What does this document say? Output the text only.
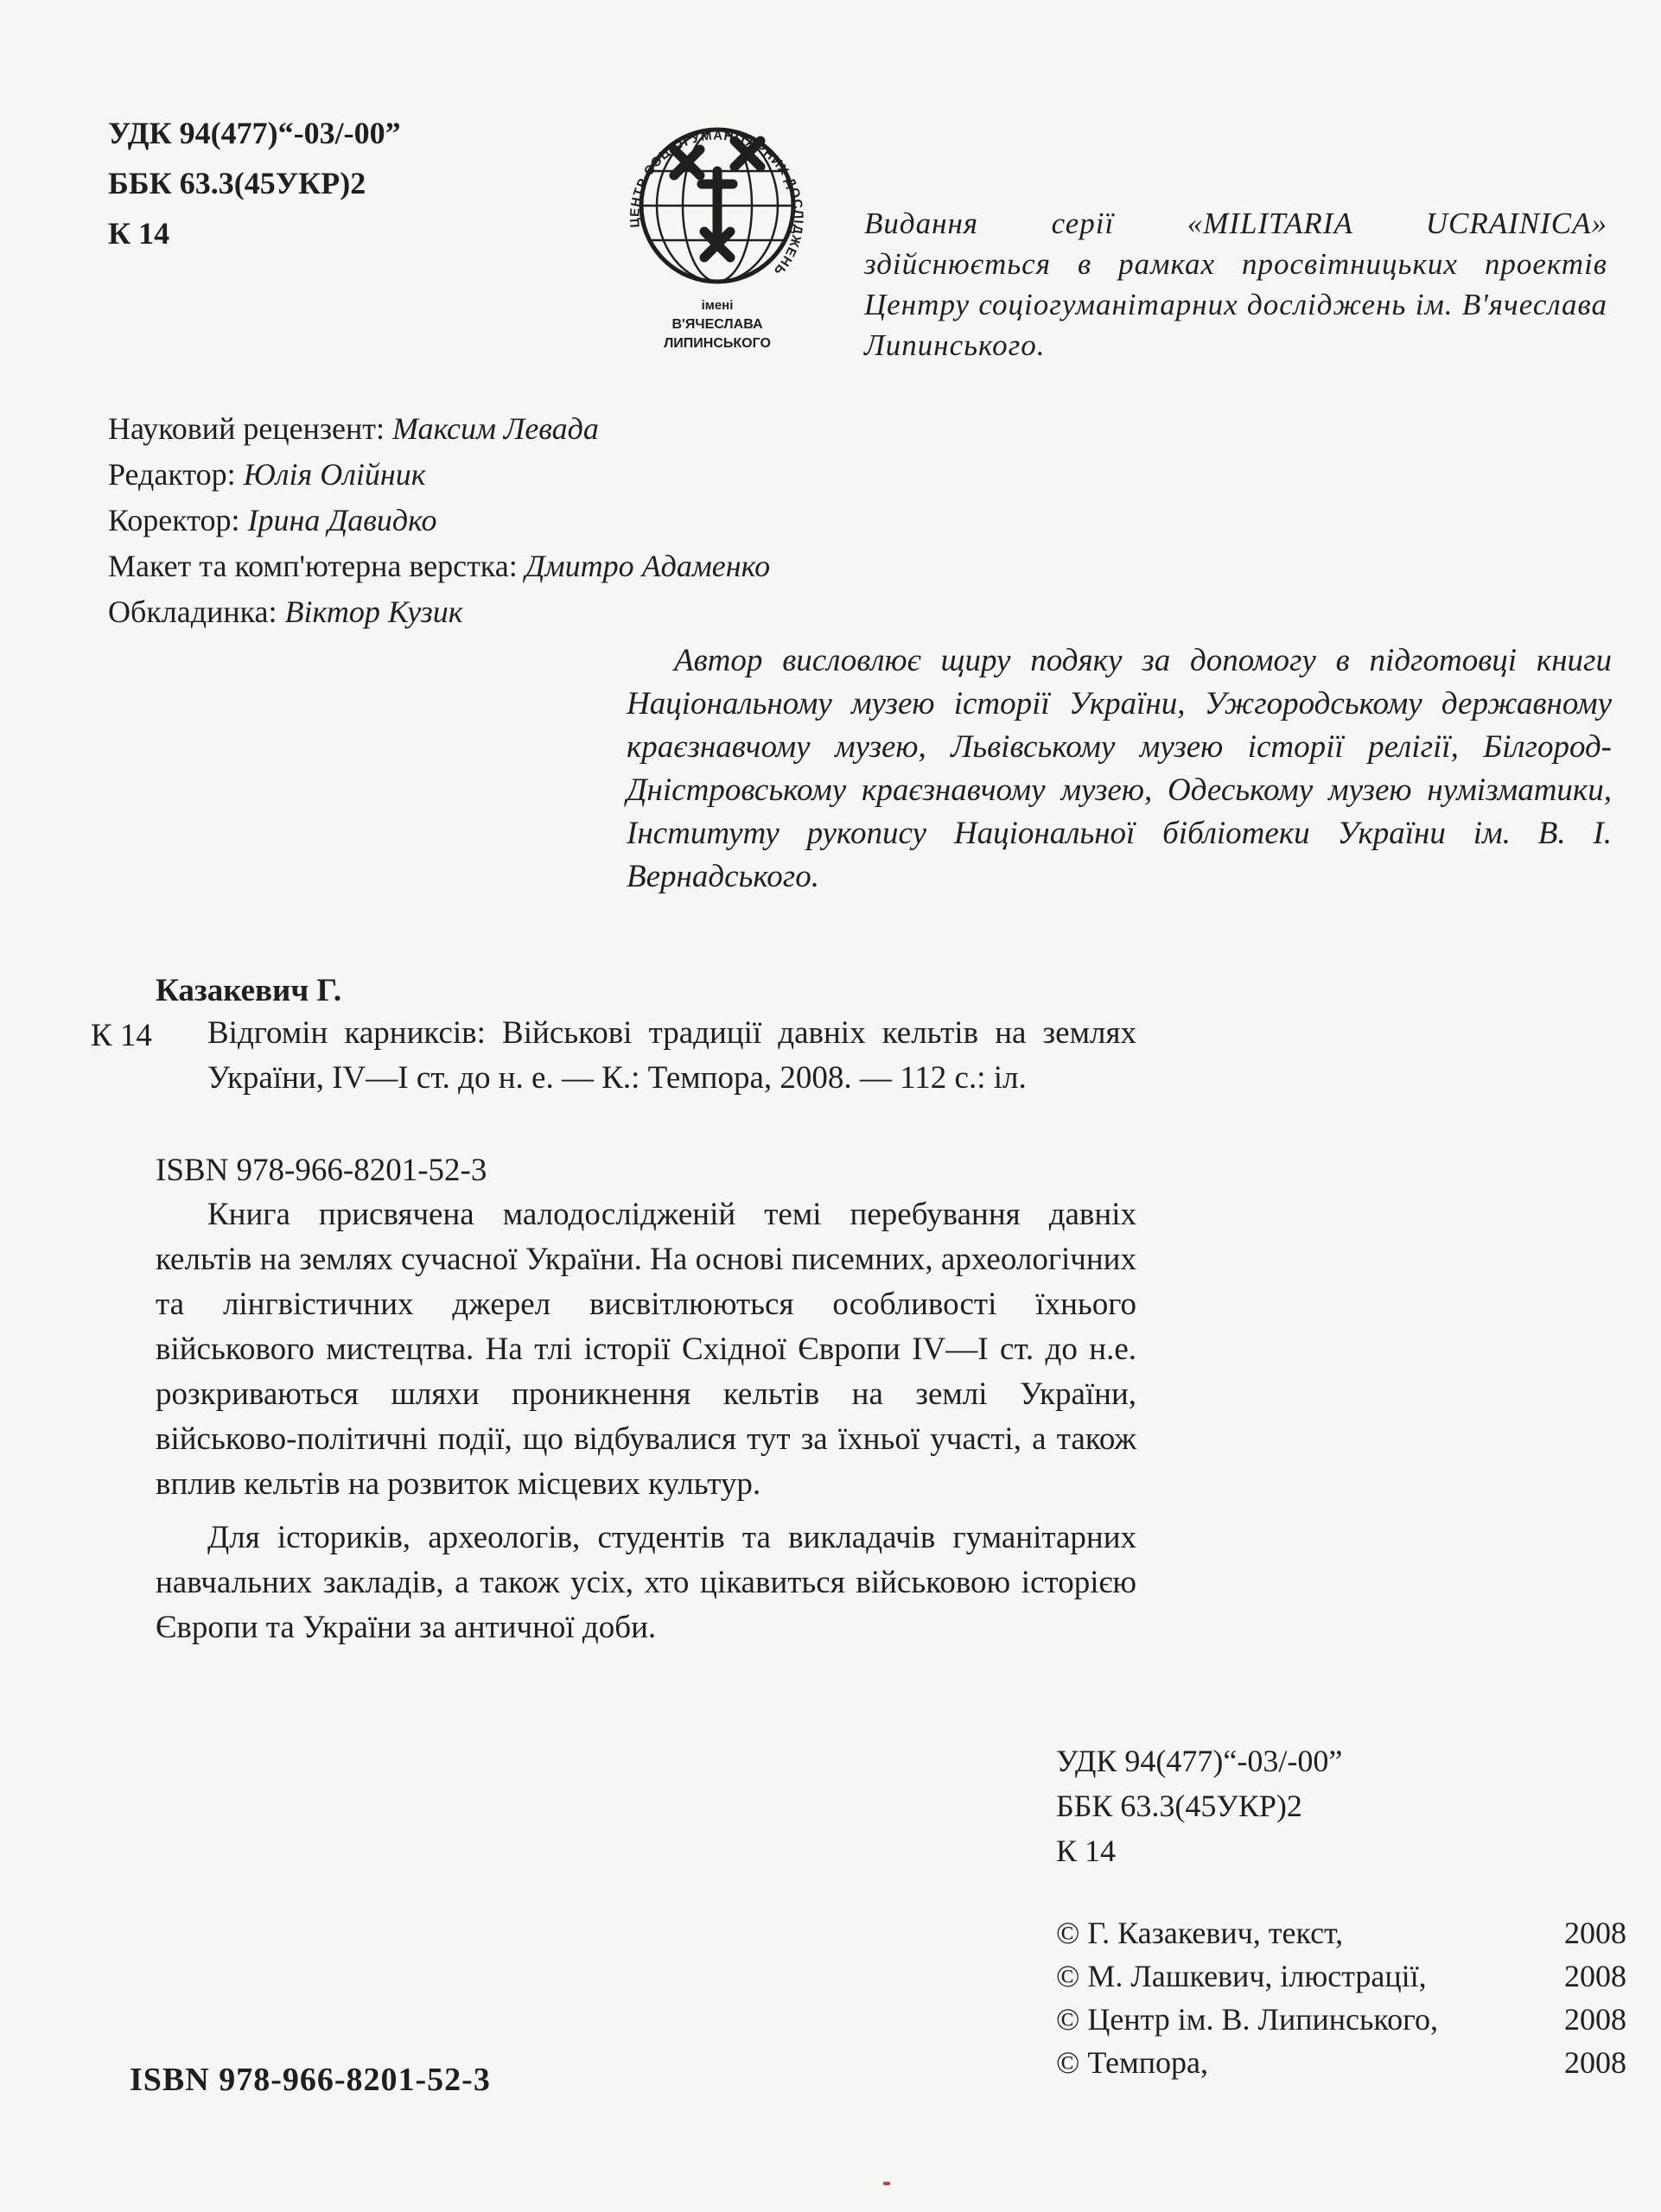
УДК 94(477)“-03/-00”
ББК 63.3(45УКР)2
К 14	ЦЕНТР СОЦІОГУМАНІТАРНИХ ДОСЛІДЖЕНЬ
імені
В'ЯЧЕСЛАВА
ЛИПИНСЬКОГО
Видання серії «MILITARIA UCRAINICA» здійснюється в рамках просвітницьких проектів Центру соціогуманітарних досліджень ім. В'ячеслава Липинського.
Науковий рецензент: Максим Левада
Редактор: Юлія Олійник
Коректор: Ірина Давидко
Макет та комп'ютерна верстка: Дмитро Адаменко
Обкладинка: Віктор Кузик
Автор висловлює щиру подяку за допомогу в підготовці книги Національному музею історії України, Ужгородському державному краєзнавчому музею, Львівському музею історії релігії, Білгород-Дністровському краєзнавчому музею, Одеському музею нумізматики, Інституту рукопису Національної бібліотеки України ім. В. І. Вернадського.
Казакевич Г.
К 14 Відгомін карниксів: Військові традиції давніх кельтів на землях України, IV—I ст. до н. е. — К.: Темпора, 2008. — 112 с.: іл.
ISBN 978-966-8201-52-3

Книга присвячена малодослідженій темі перебування давніх кельтів на землях сучасної України. На основі писемних, археологічних та лінгвістичних джерел висвітлюються особливості їхнього військового мистецтва. На тлі історії Східної Європи IV—I ст. до н.е. розкриваються шляхи проникнення кельтів на землі України, військово-політичні події, що відбувалися тут за їхньої участі, а також вплив кельтів на розвиток місцевих культур.

Для істориків, археологів, студентів та викладачів гуманітарних навчальних закладів, а також усіх, хто цікавиться військовою історією Європи та України за античної доби.

УДК 94(477)“-03/-00”
ББК 63.3(45УКР)2
К 14
© Г. Казакевич, текст,	2008
© М. Лашкевич, ілюстрації,	2008
© Центр ім. В. Липинського,	2008
© Темпора,	2008
ISBN 978-966-8201-52-3
